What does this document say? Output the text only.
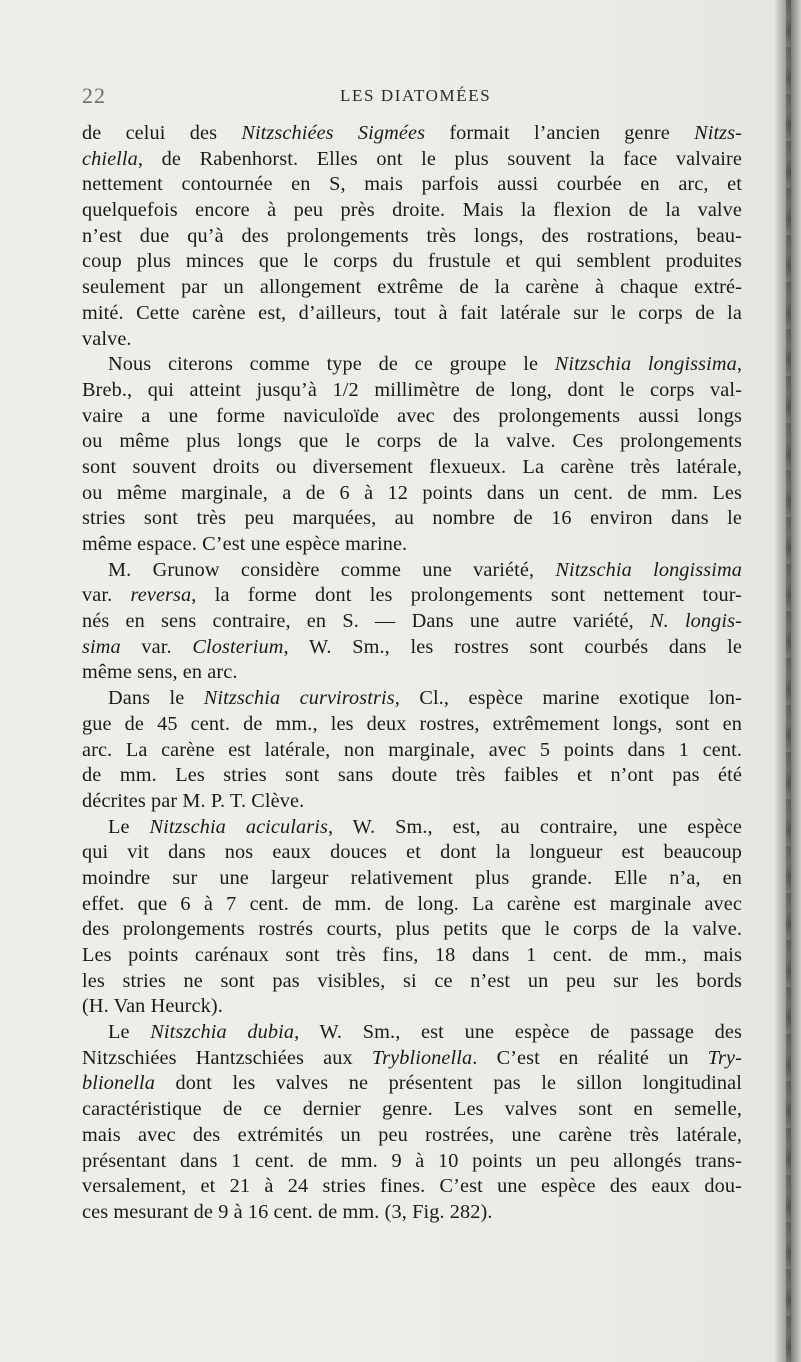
22	LES DIATOMÉES

de celui des Nitzschiées Sigmées formait l’ancien genre Nitzs-
chiella, de Rabenhorst. Elles ont le plus souvent la face valvaire
nettement contournée en S, mais parfois aussi courbée en arc, et
quelquefois encore à peu près droite. Mais la flexion de la valve
n’est due qu’à des prolongements très longs, des rostrations, beau-
coup plus minces que le corps du frustule et qui semblent produites
seulement par un allongement extrême de la carène à chaque extré-
mité. Cette carène est, d’ailleurs, tout à fait latérale sur le corps de la
valve.
Nous citerons comme type de ce groupe le Nitzschia longissima,
Breb., qui atteint jusqu’à 1/2 millimètre de long, dont le corps val-
vaire a une forme naviculoïde avec des prolongements aussi longs
ou même plus longs que le corps de la valve. Ces prolongements
sont souvent droits ou diversement flexueux. La carène très latérale,
ou même marginale, a de 6 à 12 points dans un cent. de mm. Les
stries sont très peu marquées, au nombre de 16 environ dans le
même espace. C’est une espèce marine.
M. Grunow considère comme une variété, Nitzschia longissima
var. reversa, la forme dont les prolongements sont nettement tour-
nés en sens contraire, en S. — Dans une autre variété, N. longis-
sima var. Closterium, W. Sm., les rostres sont courbés dans le
même sens, en arc.
Dans le Nitzschia curvirostris, Cl., espèce marine exotique lon-
gue de 45 cent. de mm., les deux rostres, extrêmement longs, sont en
arc. La carène est latérale, non marginale, avec 5 points dans 1 cent.
de mm. Les stries sont sans doute très faibles et n’ont pas été
décrites par M. P. T. Clève.
Le Nitzschia acicularis, W. Sm., est, au contraire, une espèce
qui vit dans nos eaux douces et dont la longueur est beaucoup
moindre sur une largeur relativement plus grande. Elle n’a, en
effet. que 6 à 7 cent. de mm. de long. La carène est marginale avec
des prolongements rostrés courts, plus petits que le corps de la valve.
Les points carénaux sont très fins, 18 dans 1 cent. de mm., mais
les stries ne sont pas visibles, si ce n’est un peu sur les bords
(H. Van Heurck).
Le Nitszchia dubia, W. Sm., est une espèce de passage des
Nitzschiées Hantzschiées aux Tryblionella. C’est en réalité un Try-
blionella dont les valves ne présentent pas le sillon longitudinal
caractéristique de ce dernier genre. Les valves sont en semelle,
mais avec des extrémités un peu rostrées, une carène très latérale,
présentant dans 1 cent. de mm. 9 à 10 points un peu allongés trans-
versalement, et 21 à 24 stries fines. C’est une espèce des eaux dou-
ces mesurant de 9 à 16 cent. de mm. (3, Fig. 282).
